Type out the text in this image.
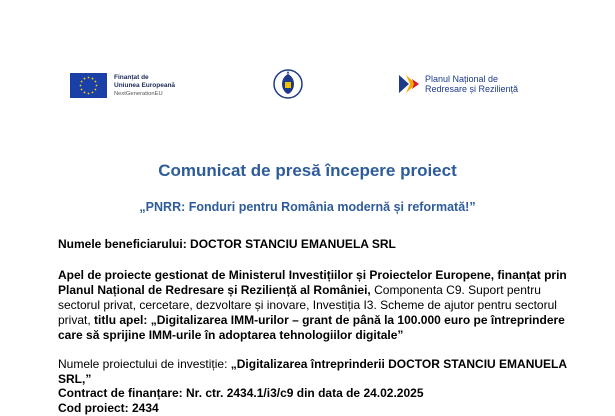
Finanțat de
Uniunea Europeană
NextGenerationEU
Planul Național de
Redresare și Reziliență
Comunicat de presă începere proiect
„PNRR: Fonduri pentru România modernă și reformată!”
Numele beneficiarului: DOCTOR STANCIU EMANUELA SRL
Apel de proiecte gestionat de Ministerul Investițiilor și Proiectelor Europene, finanțat prin Planul Național de Redresare și Reziliență al României, Componenta C9. Suport pentru sectorul privat, cercetare, dezvoltare și inovare, Investiția I3. Scheme de ajutor pentru sectorul privat, titlu apel: „Digitalizarea IMM-urilor – grant de până la 100.000 euro pe întreprindere care să sprijine IMM-urile în adoptarea tehnologiilor digitale”
Numele proiectului de investiție: „Digitalizarea întreprinderii DOCTOR STANCIU EMANUELA SRL,”
Contract de finanțare: Nr. ctr. 2434.1/i3/c9 din data de 24.02.2025
Cod proiect: 2434
